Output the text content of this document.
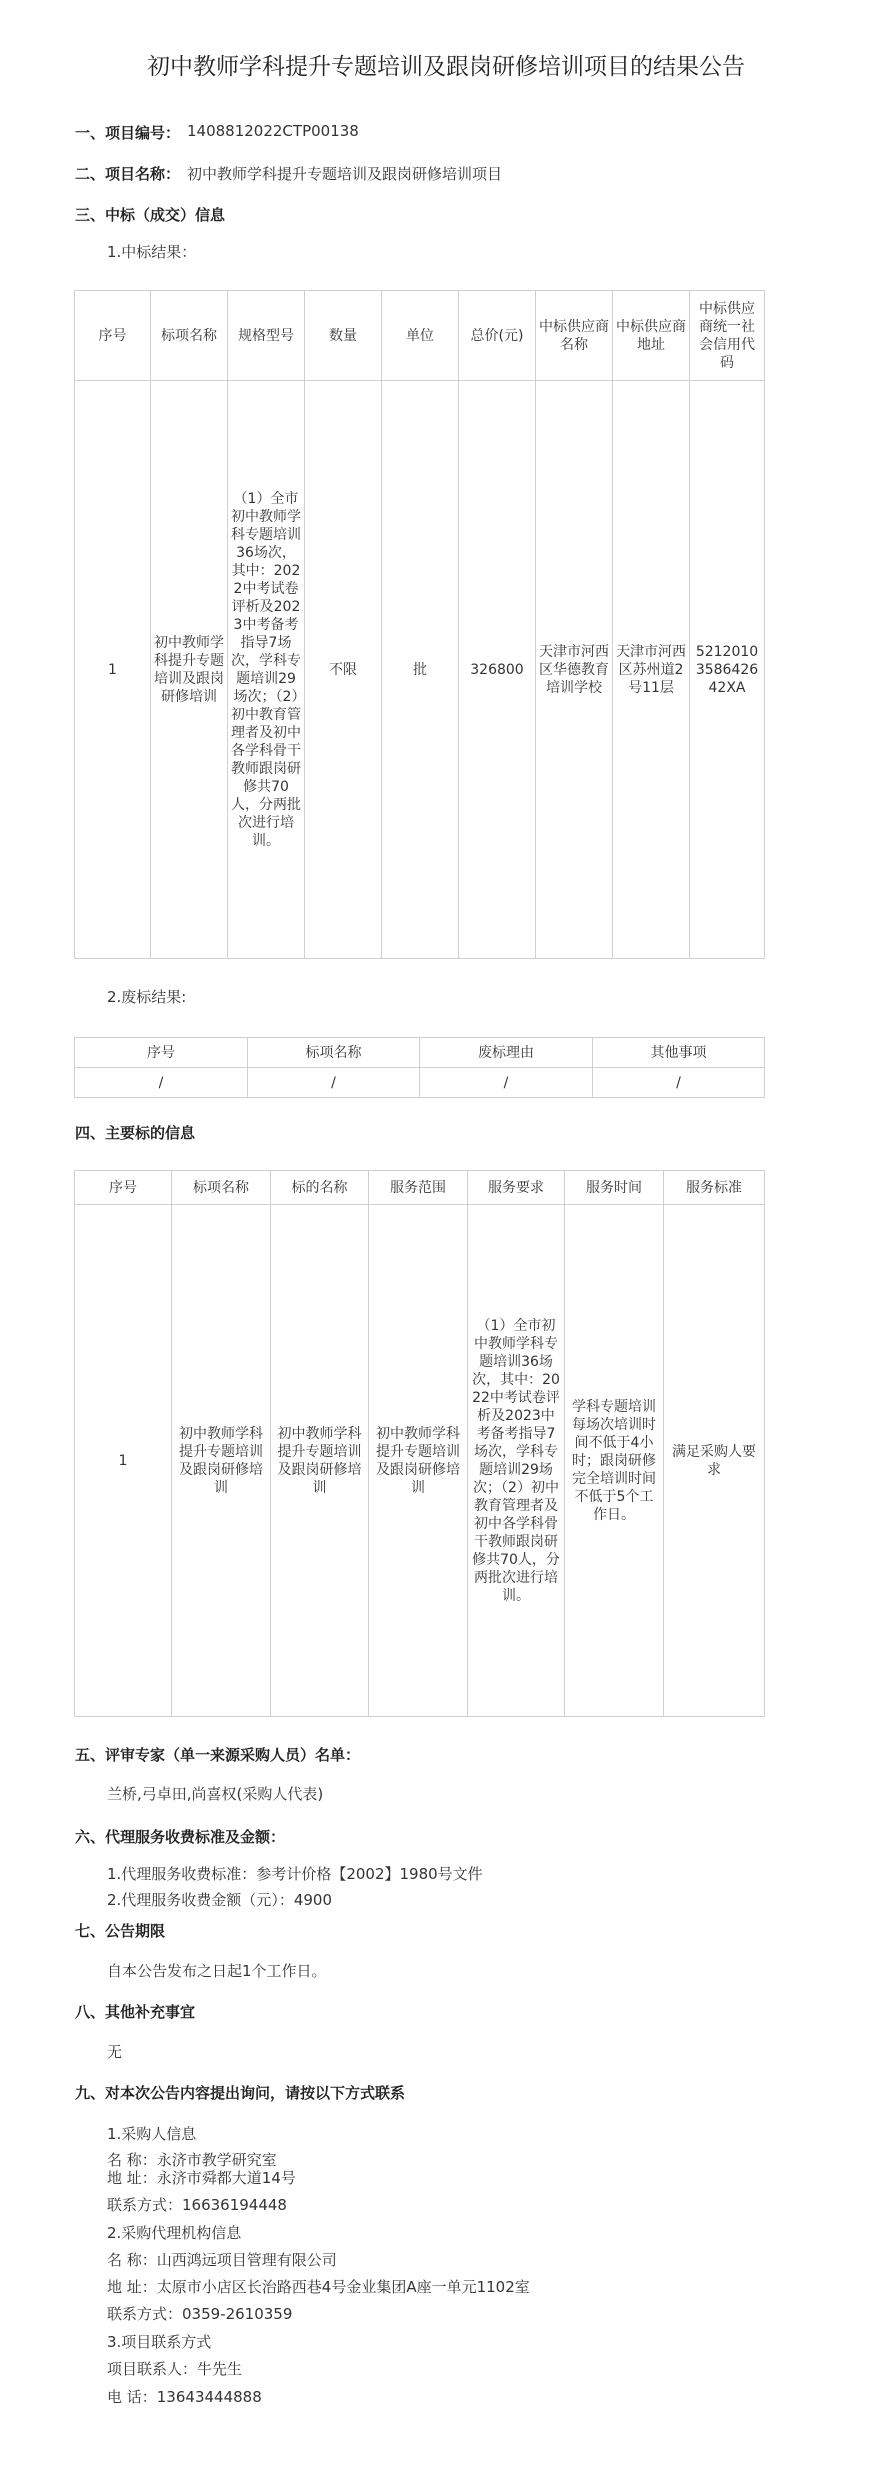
初中教师学科提升专题培训及跟岗研修培训项目的结果公告
一、项目编号： 1408812022CTP00138
二、项目名称： 初中教师学科提升专题培训及跟岗研修培训项目
三、中标（成交）信息
1.中标结果：
序号	标项名称	规格型号	数量	单位	总价(元)	中标供应商名称	中标供应商地址	中标供应商统一社会信用代码
1	初中教师学科提升专题培训及跟岗研修培训	（1）全市初中教师学科专题培训36场次，其中：2022中考试卷评析及2023中考备考指导7场次，学科专题培训29场次；（2）初中教育管理者及初中各学科骨干教师跟岗研修共70人，分两批次进行培训。	不限	批	326800	天津市河西区华德教育培训学校	天津市河西区苏州道2号11层	52120103586426 42XA
2.废标结果:
序号	标项名称	废标理由	其他事项
/	/	/	/
四、主要标的信息
序号	标项名称	标的名称	服务范围	服务要求	服务时间	服务标准
1	初中教师学科提升专题培训及跟岗研修培训	初中教师学科提升专题培训及跟岗研修培训	初中教师学科提升专题培训及跟岗研修培训	（1）全市初中教师学科专题培训36场次，其中：2022中考试卷评析及2023中考备考指导7场次，学科专题培训29场次；（2）初中教育管理者及初中各学科骨干教师跟岗研修共70人，分两批次进行培训。	学科专题培训每场次培训时间不低于4小时；跟岗研修完全培训时间不低于5个工作日。	满足采购人要求
五、评审专家（单一来源采购人员）名单：
兰桥,弓卓田,尚喜权(采购人代表)
六、代理服务收费标准及金额：
1.代理服务收费标准：参考计价格【2002】1980号文件
2.代理服务收费金额（元）：4900
七、公告期限
自本公告发布之日起1个工作日。
八、其他补充事宜
无
九、对本次公告内容提出询问，请按以下方式联系
1.采购人信息
名 称：永济市教学研究室
地 址：永济市舜都大道14号
联系方式：16636194448
2.采购代理机构信息
名 称：山西鸿远项目管理有限公司
地 址：太原市小店区长治路西巷4号金业集团A座一单元1102室
联系方式：0359-2610359
3.项目联系方式
项目联系人：牛先生
电 话：13643444888
